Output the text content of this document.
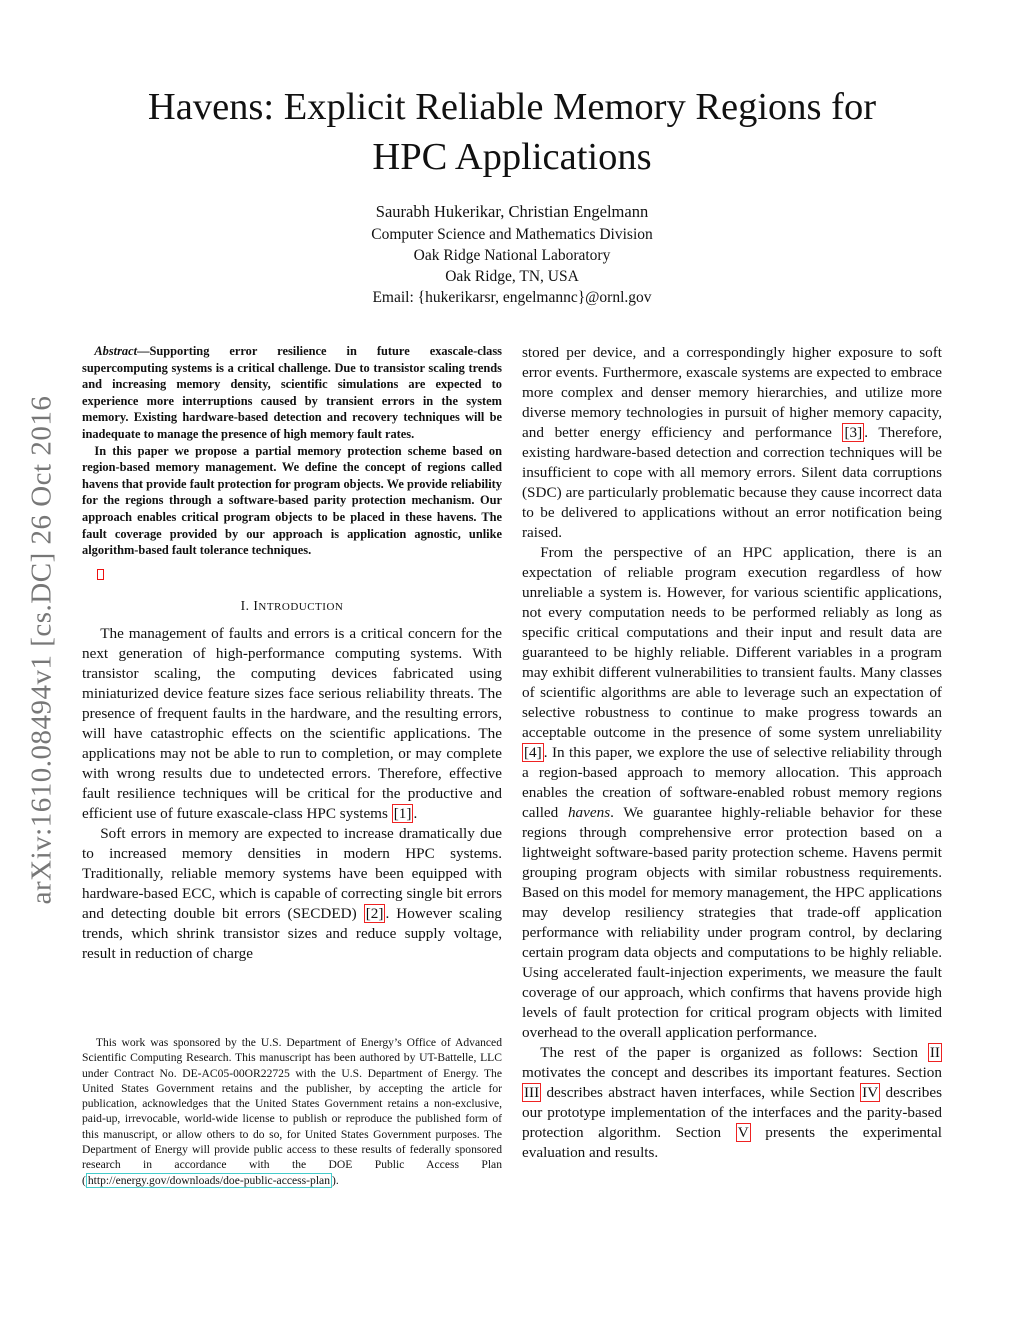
arXiv:1610.08494v1 [cs.DC] 26 Oct 2016
Havens: Explicit Reliable Memory Regions for
HPC Applications
Saurabh Hukerikar, Christian Engelmann
Computer Science and Mathematics Division
Oak Ridge National Laboratory
Oak Ridge, TN, USA
Email: {hukerikarsr, engelmannc}@ornl.gov

Abstract—Supporting error resilience in future exascale-class supercomputing systems is a critical challenge. Due to transistor scaling trends and increasing memory density, scientific simulations are expected to experience more interruptions caused by transient errors in the system memory. Existing hardware-based detection and recovery techniques will be inadequate to manage the presence of high memory fault rates.

In this paper we propose a partial memory protection scheme based on region-based memory management. We define the concept of regions called havens that provide fault protection for program objects. We provide reliability for the regions through a software-based parity protection mechanism. Our approach enables critical program objects to be placed in these havens. The fault coverage provided by our approach is application agnostic, unlike algorithm-based fault tolerance techniques.

I. INTRODUCTION

The management of faults and errors is a critical concern for the next generation of high-performance computing systems. With transistor scaling, the computing devices fabricated using miniaturized device feature sizes face serious reliability threats. The presence of frequent faults in the hardware, and the resulting errors, will have catastrophic effects on the scientific applications. The applications may not be able to run to completion, or may complete with wrong results due to undetected errors. Therefore, effective fault resilience techniques will be critical for the productive and efficient use of future exascale-class HPC systems [1] .

Soft errors in memory are expected to increase dramatically due to increased memory densities in modern HPC systems. Traditionally, reliable memory systems have been equipped with hardware-based ECC, which is capable of correcting single bit errors and detecting double bit errors (SECDED) [2] . However scaling trends, which shrink transistor sizes and reduce supply voltage, result in reduction of charge

This work was sponsored by the U.S. Department of Energy’s Office of Advanced Scientific Computing Research. This manuscript has been authored by UT-Battelle, LLC under Contract No. DE-AC05-00OR22725 with the U.S. Department of Energy. The United States Government retains and the publisher, by accepting the article for publication, acknowledges that the United States Government retains a non-exclusive, paid-up, irrevocable, world-wide license to publish or reproduce the published form of this manuscript, or allow others to do so, for United States Government purposes. The Department of Energy will provide public access to these results of federally sponsored research in accordance with the DOE Public Access Plan ( http://energy.gov/downloads/doe-public-access-plan ).

stored per device, and a correspondingly higher exposure to soft error events. Furthermore, exascale systems are expected to embrace more complex and denser memory hierarchies, and utilize more diverse memory technologies in pursuit of higher memory capacity, and better energy efficiency and performance [3] . Therefore, existing hardware-based detection and correction techniques will be insufficient to cope with all memory errors. Silent data corruptions (SDC) are particularly problematic because they cause incorrect data to be delivered to applications without an error notification being raised.

From the perspective of an HPC application, there is an expectation of reliable program execution regardless of how unreliable a system is. However, for various scientific applications, not every computation needs to be performed reliably as long as specific critical computations and their input and result data are guaranteed to be highly reliable. Different variables in a program may exhibit different vulnerabilities to transient faults. Many classes of scientific algorithms are able to leverage such an expectation of selective robustness to continue to make progress towards an acceptable outcome in the presence of some system unreliability [4] . In this paper, we explore the use of selective reliability through a region-based approach to memory allocation. This approach enables the creation of software-enabled robust memory regions called havens. We guarantee highly-reliable behavior for these regions through comprehensive error protection based on a lightweight software-based parity protection scheme. Havens permit grouping program objects with similar robustness requirements. Based on this model for memory management, the HPC applications may develop resiliency strategies that trade-off application performance with reliability under program control, by declaring certain program data objects and computations to be highly reliable. Using accelerated fault-injection experiments, we measure the fault coverage of our approach, which confirms that havens provide high levels of fault protection for critical program objects with limited overhead to the overall application performance.

The rest of the paper is organized as follows: Section II motivates the concept and describes its important features. Section III describes abstract haven interfaces, while Section IV describes our prototype implementation of the interfaces and the parity-based protection algorithm. Section V presents the experimental evaluation and results.
